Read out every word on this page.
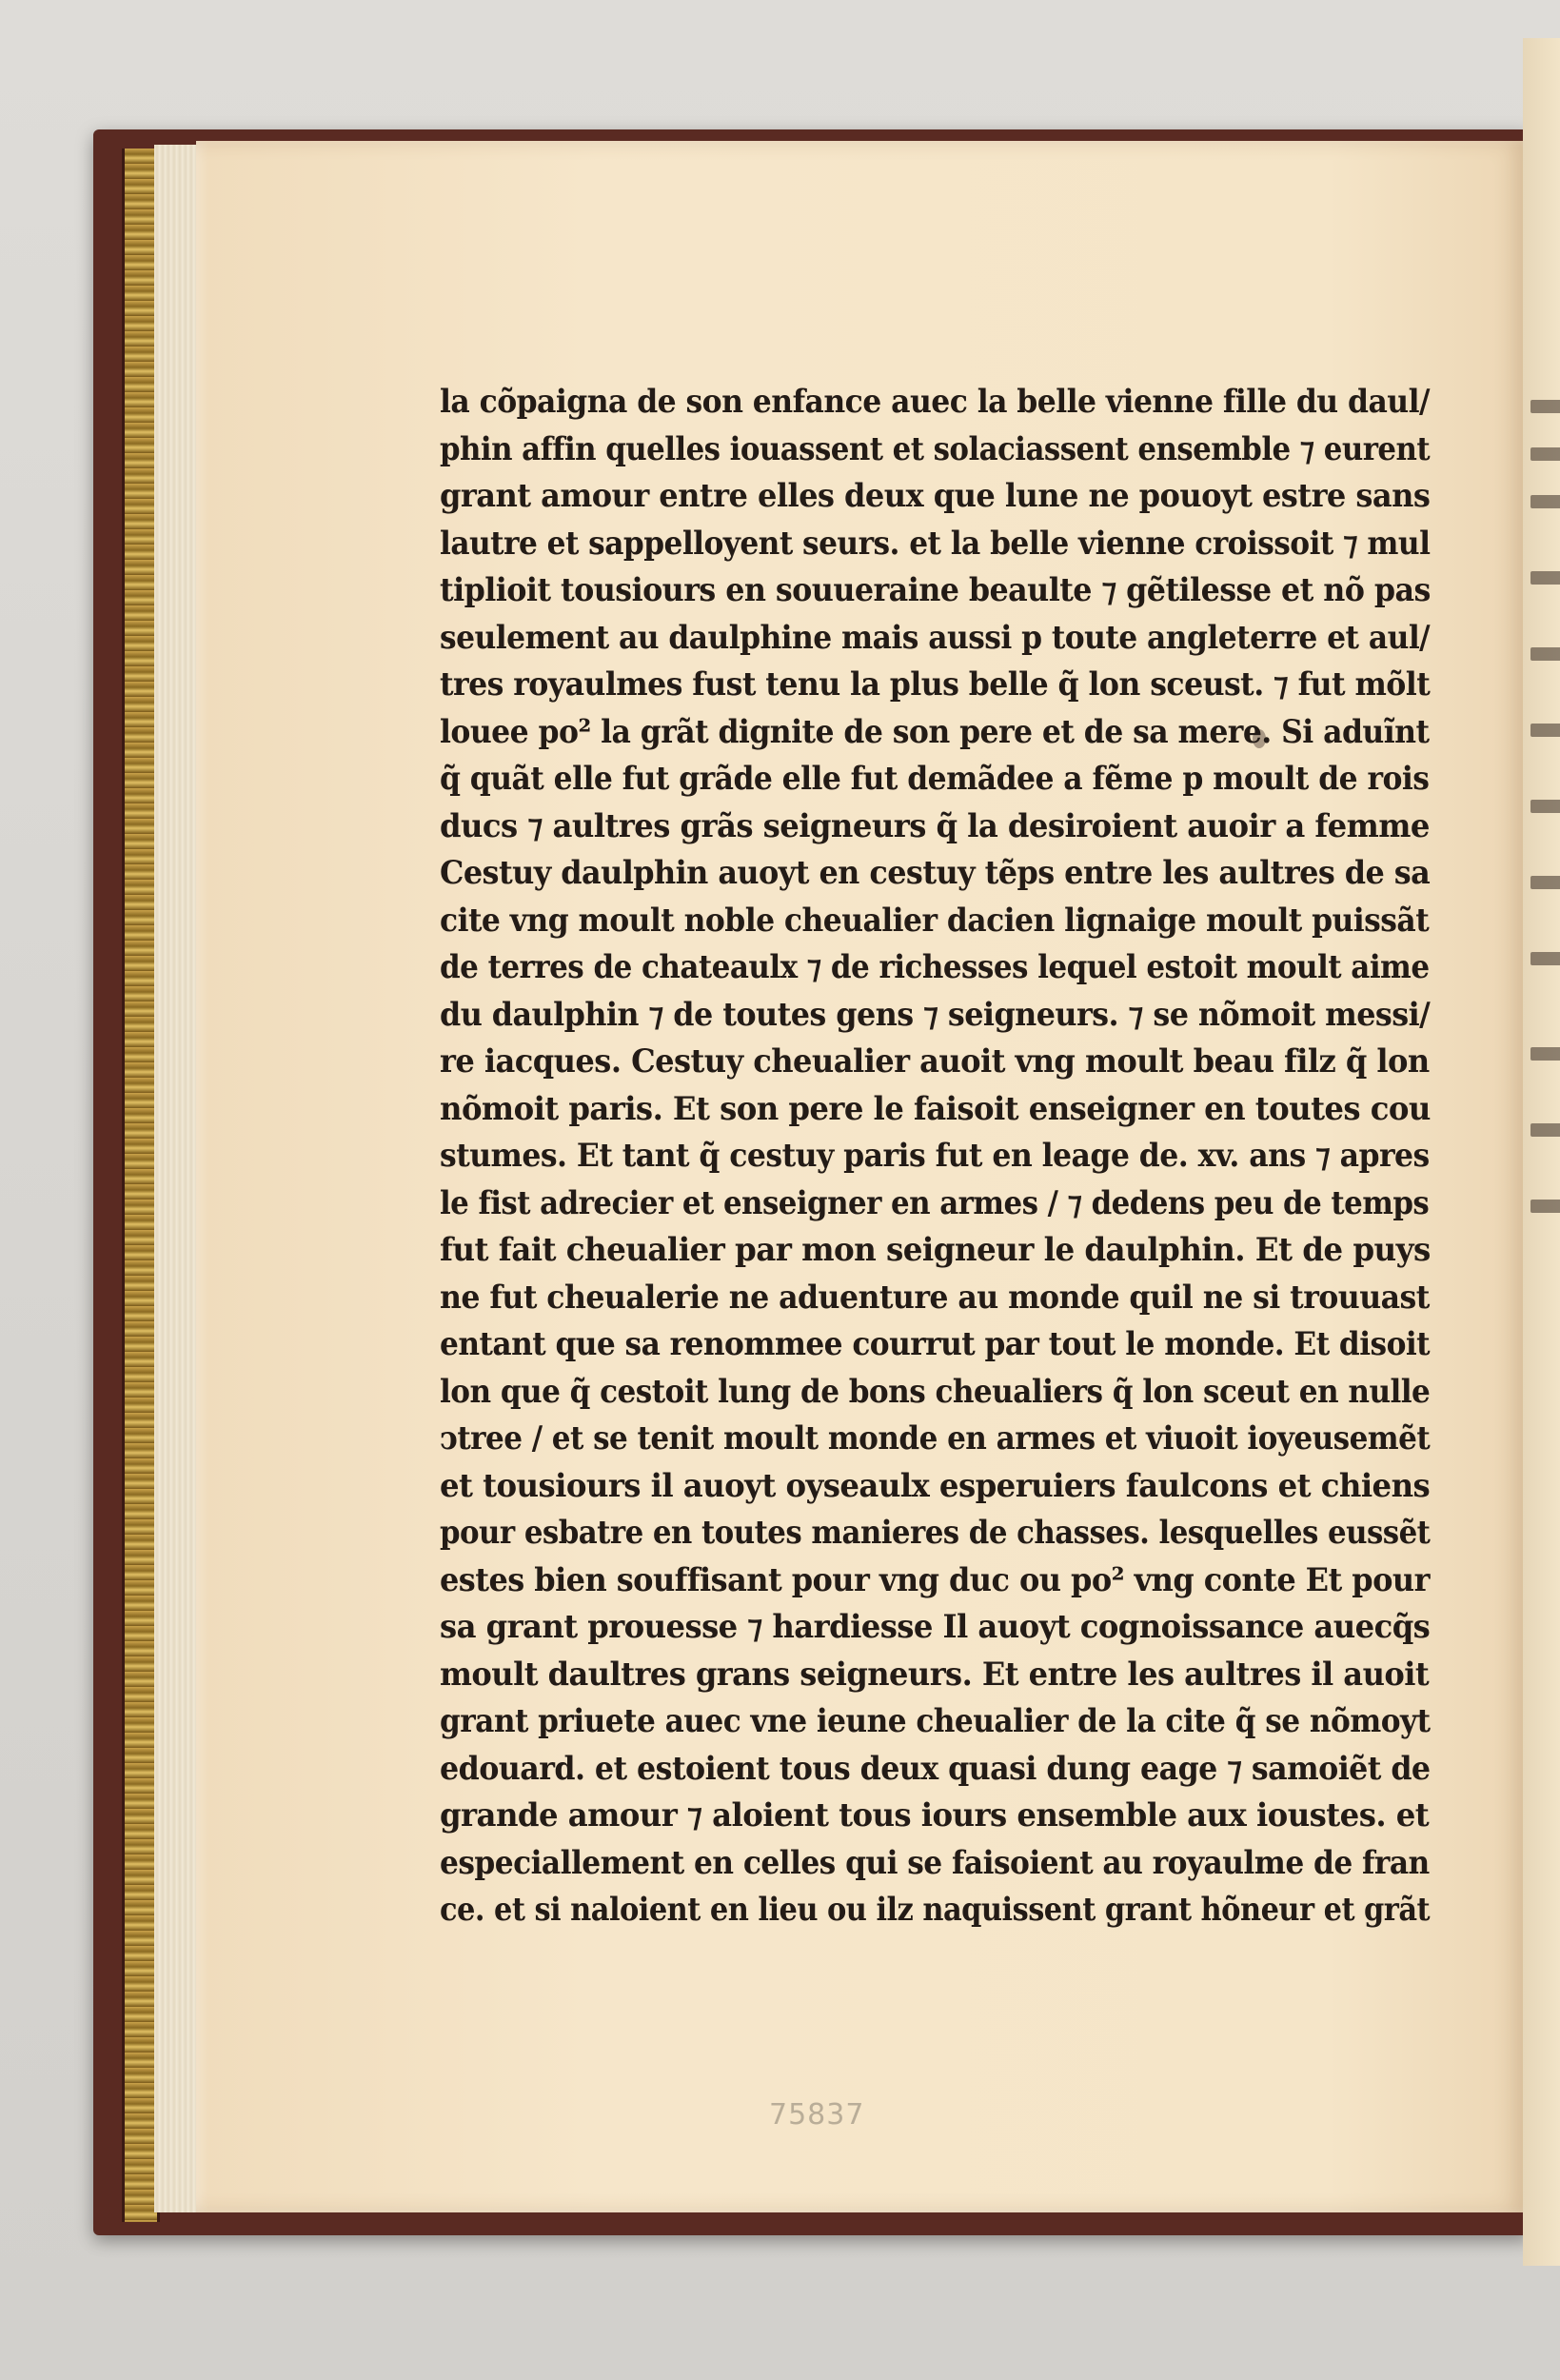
la cõpaigna de son enfance auec la belle vienne fille du daul/
phin affin quelles iouassent et solaciassent ensemble ⁊ eurent
grant amour entre elles deux que lune ne pouoyt estre sans
lautre et sappelloyent seurs. et la belle vienne croissoit ⁊ mul
tiplioit tousiours en souueraine beaulte ⁊ gẽtilesse et nõ pas
seulement au daulphine mais aussi p toute angleterre et aul/
tres royaulmes fust tenu la plus belle q̃ lon sceust. ⁊ fut mõlt
louee po² la grãt dignite de son pere et de sa mere. Si aduĩnt
q̃ quãt elle fut grãde elle fut demãdee a fẽme p moult de rois
ducs ⁊ aultres grãs seigneurs q̃ la desiroient auoir a femme
Cestuy daulphin auoyt en cestuy tẽps entre les aultres de sa
cite vng moult noble cheualier dacien lignaige moult puissãt
de terres de chateaulx ⁊ de richesses lequel estoit moult aime
du daulphin ⁊ de toutes gens ⁊ seigneurs. ⁊ se nõmoit messi/
re iacques. Cestuy cheualier auoit vng moult beau filz q̃ lon
nõmoit paris. Et son pere le faisoit enseigner en toutes cou
stumes. Et tant q̃ cestuy paris fut en leage de. xv. ans ⁊ apres
le fist adrecier et enseigner en armes / ⁊ dedens peu de temps
fut fait cheualier par mon seigneur le daulphin. Et de puys
ne fut cheualerie ne aduenture au monde quil ne si trouuast
entant que sa renommee courrut par tout le monde. Et disoit
lon que q̃ cestoit lung de bons cheualiers q̃ lon sceut en nulle
ↄtree / et se tenit moult monde en armes et viuoit ioyeusemẽt
et tousiours il auoyt oyseaulx esperuiers faulcons et chiens
pour esbatre en toutes manieres de chasses. lesquelles eussẽt
estes bien souffisant pour vng duc ou po² vng conte Et pour
sa grant prouesse ⁊ hardiesse Il auoyt cognoissance auecq̃s
moult daultres grans seigneurs. Et entre les aultres il auoit
grant priuete auec vne ieune cheualier de la cite q̃ se nõmoyt
edouard. et estoient tous deux quasi dung eage ⁊ samoiẽt de
grande amour ⁊ aloient tous iours ensemble aux ioustes. et
especiallement en celles qui se faisoient au royaulme de fran
ce. et si naloient en lieu ou ilz naquissent grant hõneur et grãt
75837
